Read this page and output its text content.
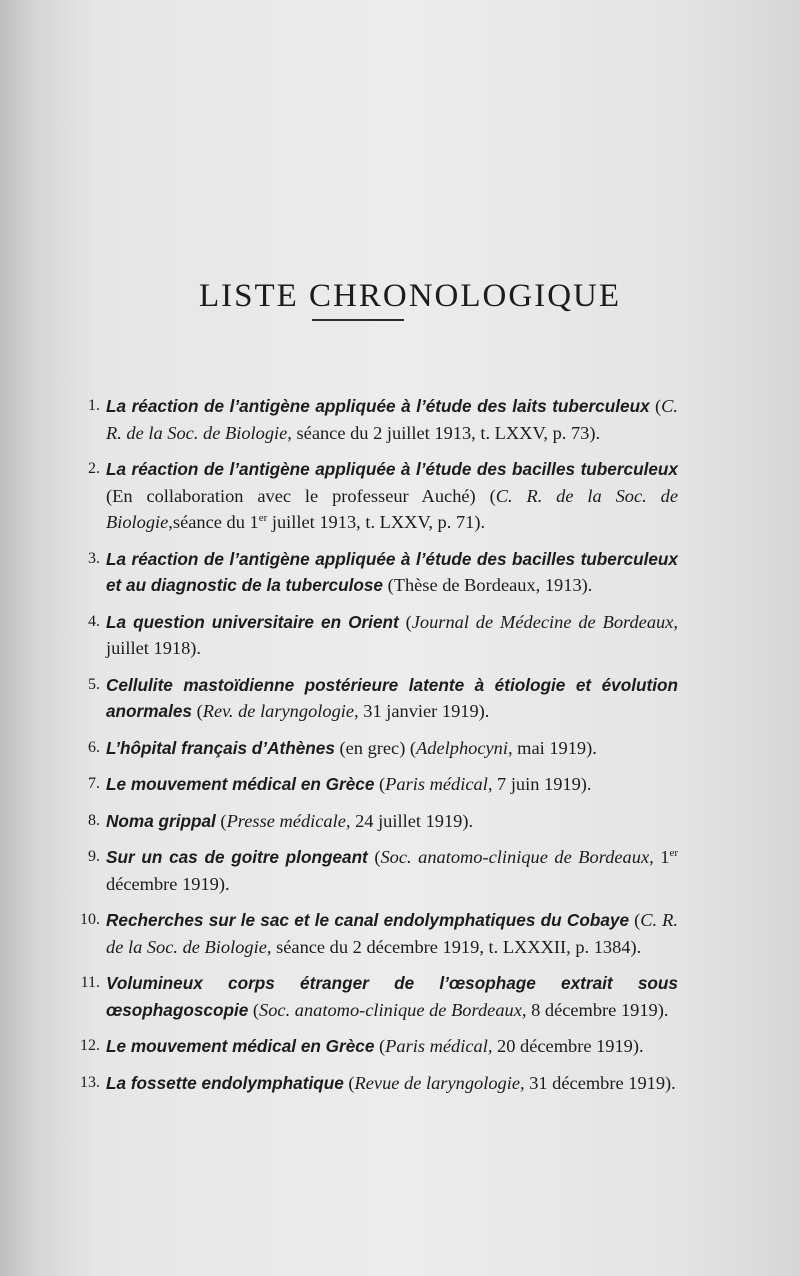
LISTE CHRONOLOGIQUE
1. La réaction de l’antigène appliquée à l’étude des laits tuberculeux (C. R. de la Soc. de Biologie, séance du 2 juillet 1913, t. LXXV, p. 73).
2. La réaction de l’antigène appliquée à l’étude des bacilles tuberculeux (En collaboration avec le professeur Auché) (C. R. de la Soc. de Biologie,séance du 1er juillet 1913, t. LXXV, p. 71).
3. La réaction de l’antigène appliquée à l’étude des bacilles tuberculeux et au diagnostic de la tuberculose (Thèse de Bordeaux, 1913).
4. La question universitaire en Orient (Journal de Médecine de Bordeaux, juillet 1918).
5. Cellulite mastoïdienne postérieure latente à étiologie et évolution anormales (Rev. de laryngologie, 31 janvier 1919).
6. L’hôpital français d’Athènes (en grec) (Adelphocyni, mai 1919).
7. Le mouvement médical en Grèce (Paris médical, 7 juin 1919).
8. Noma grippal (Presse médicale, 24 juillet 1919).
9. Sur un cas de goitre plongeant (Soc. anatomo-clinique de Bordeaux, 1er décembre 1919).
10. Recherches sur le sac et le canal endolymphatiques du Cobaye (C. R. de la Soc. de Biologie, séance du 2 décembre 1919, t. LXXXII, p. 1384).
11. Volumineux corps étranger de l’œsophage extrait sous œsophagoscopie (Soc. anatomo-clinique de Bordeaux, 8 décembre 1919).
12. Le mouvement médical en Grèce (Paris médical, 20 décembre 1919).
13. La fossette endolymphatique (Revue de laryngologie, 31 décembre 1919).
